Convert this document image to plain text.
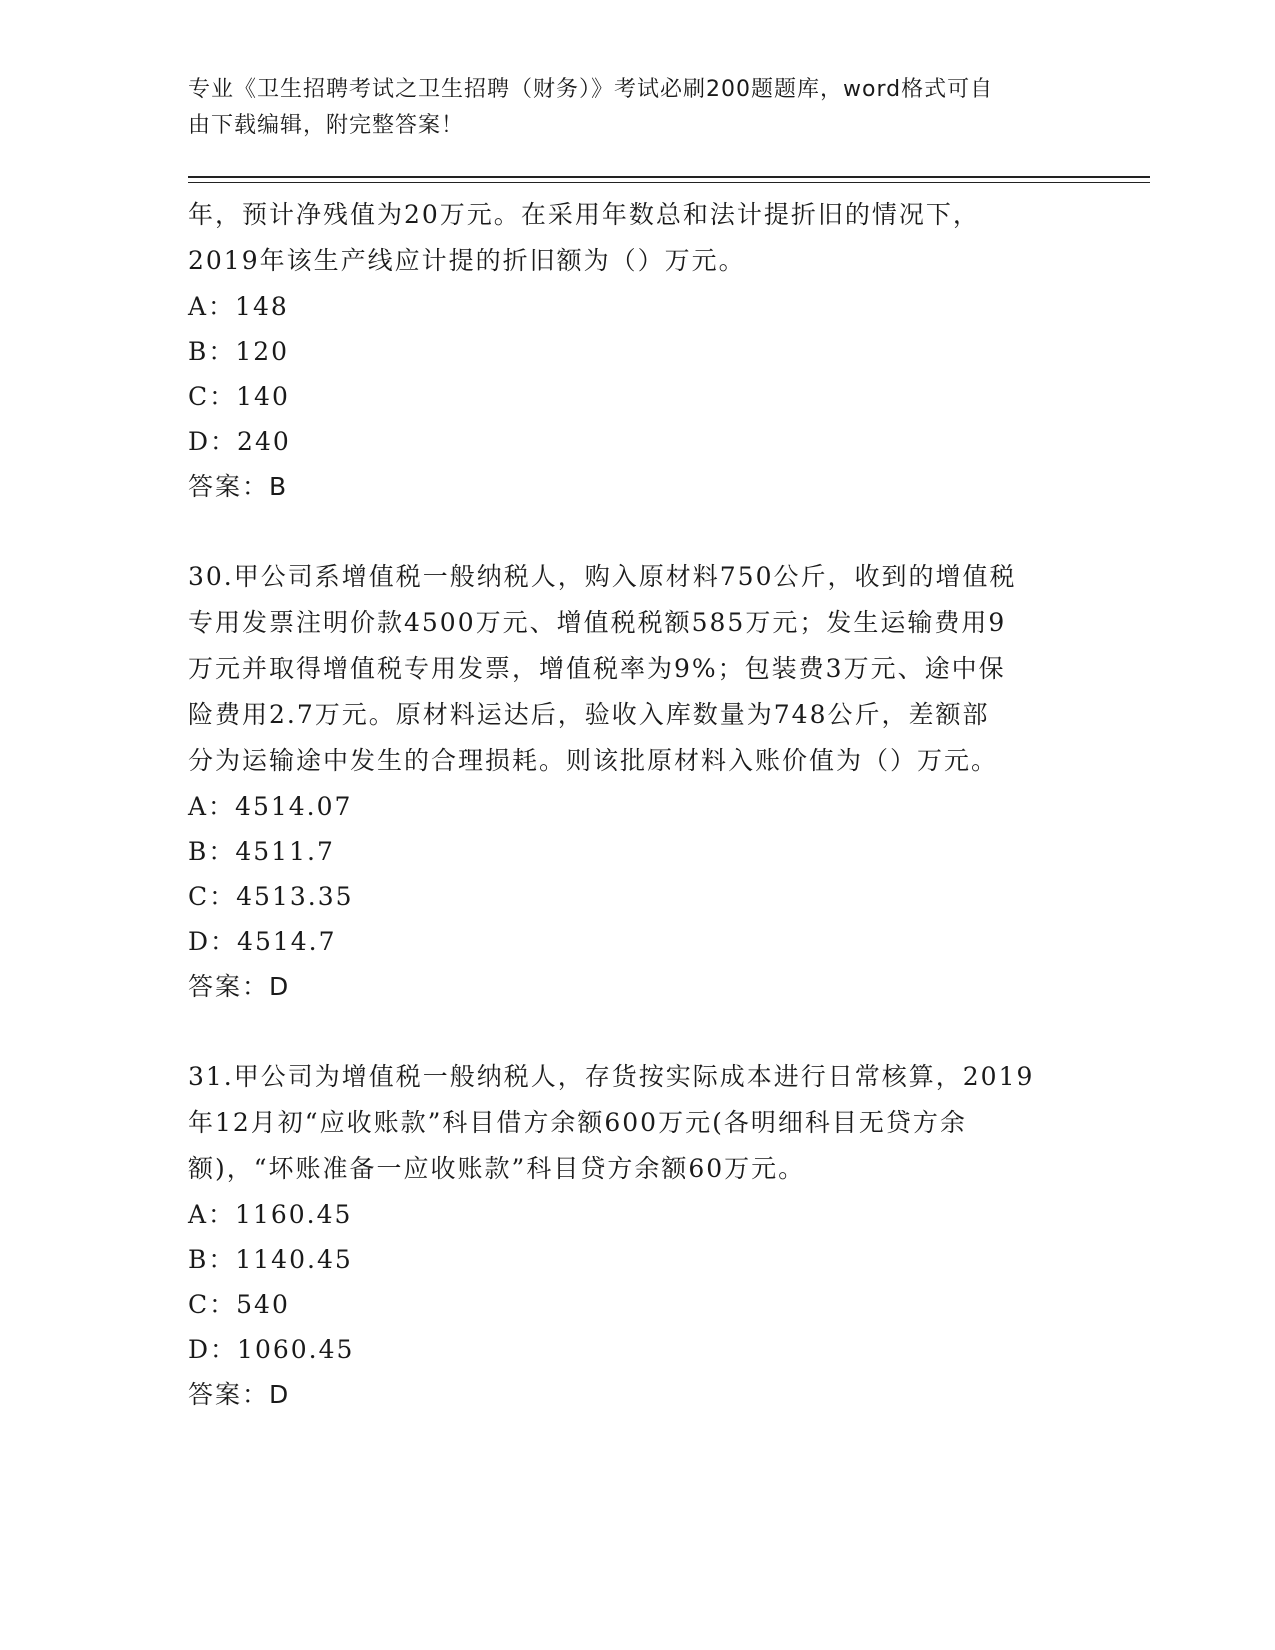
专业《卫生招聘考试之卫生招聘（财务）》考试必刷200题题库，word格式可自
由下载编辑，附完整答案！

年，预计净残值为20万元。在采用年数总和法计提折旧的情况下，

2019年该生产线应计提的折旧额为（）万元。

A：148

B：120

C：140

D：240

答案：B

30.甲公司系增值税一般纳税人，购入原材料750公斤，收到的增值税

专用发票注明价款4500万元、增值税税额585万元；发生运输费用9

万元并取得增值税专用发票，增值税率为9%；包装费3万元、途中保

险费用2.7万元。原材料运达后，验收入库数量为748公斤，差额部

分为运输途中发生的合理损耗。则该批原材料入账价值为（）万元。

A：4514.07

B：4511.7

C：4513.35

D：4514.7

答案：D

31.甲公司为增值税一般纳税人，存货按实际成本进行日常核算，2019

年12月初“应收账款”科目借方余额600万元(各明细科目无贷方余

额)，“坏账准备一应收账款”科目贷方余额60万元。

A：1160.45

B：1140.45

C：540

D：1060.45

答案：D
